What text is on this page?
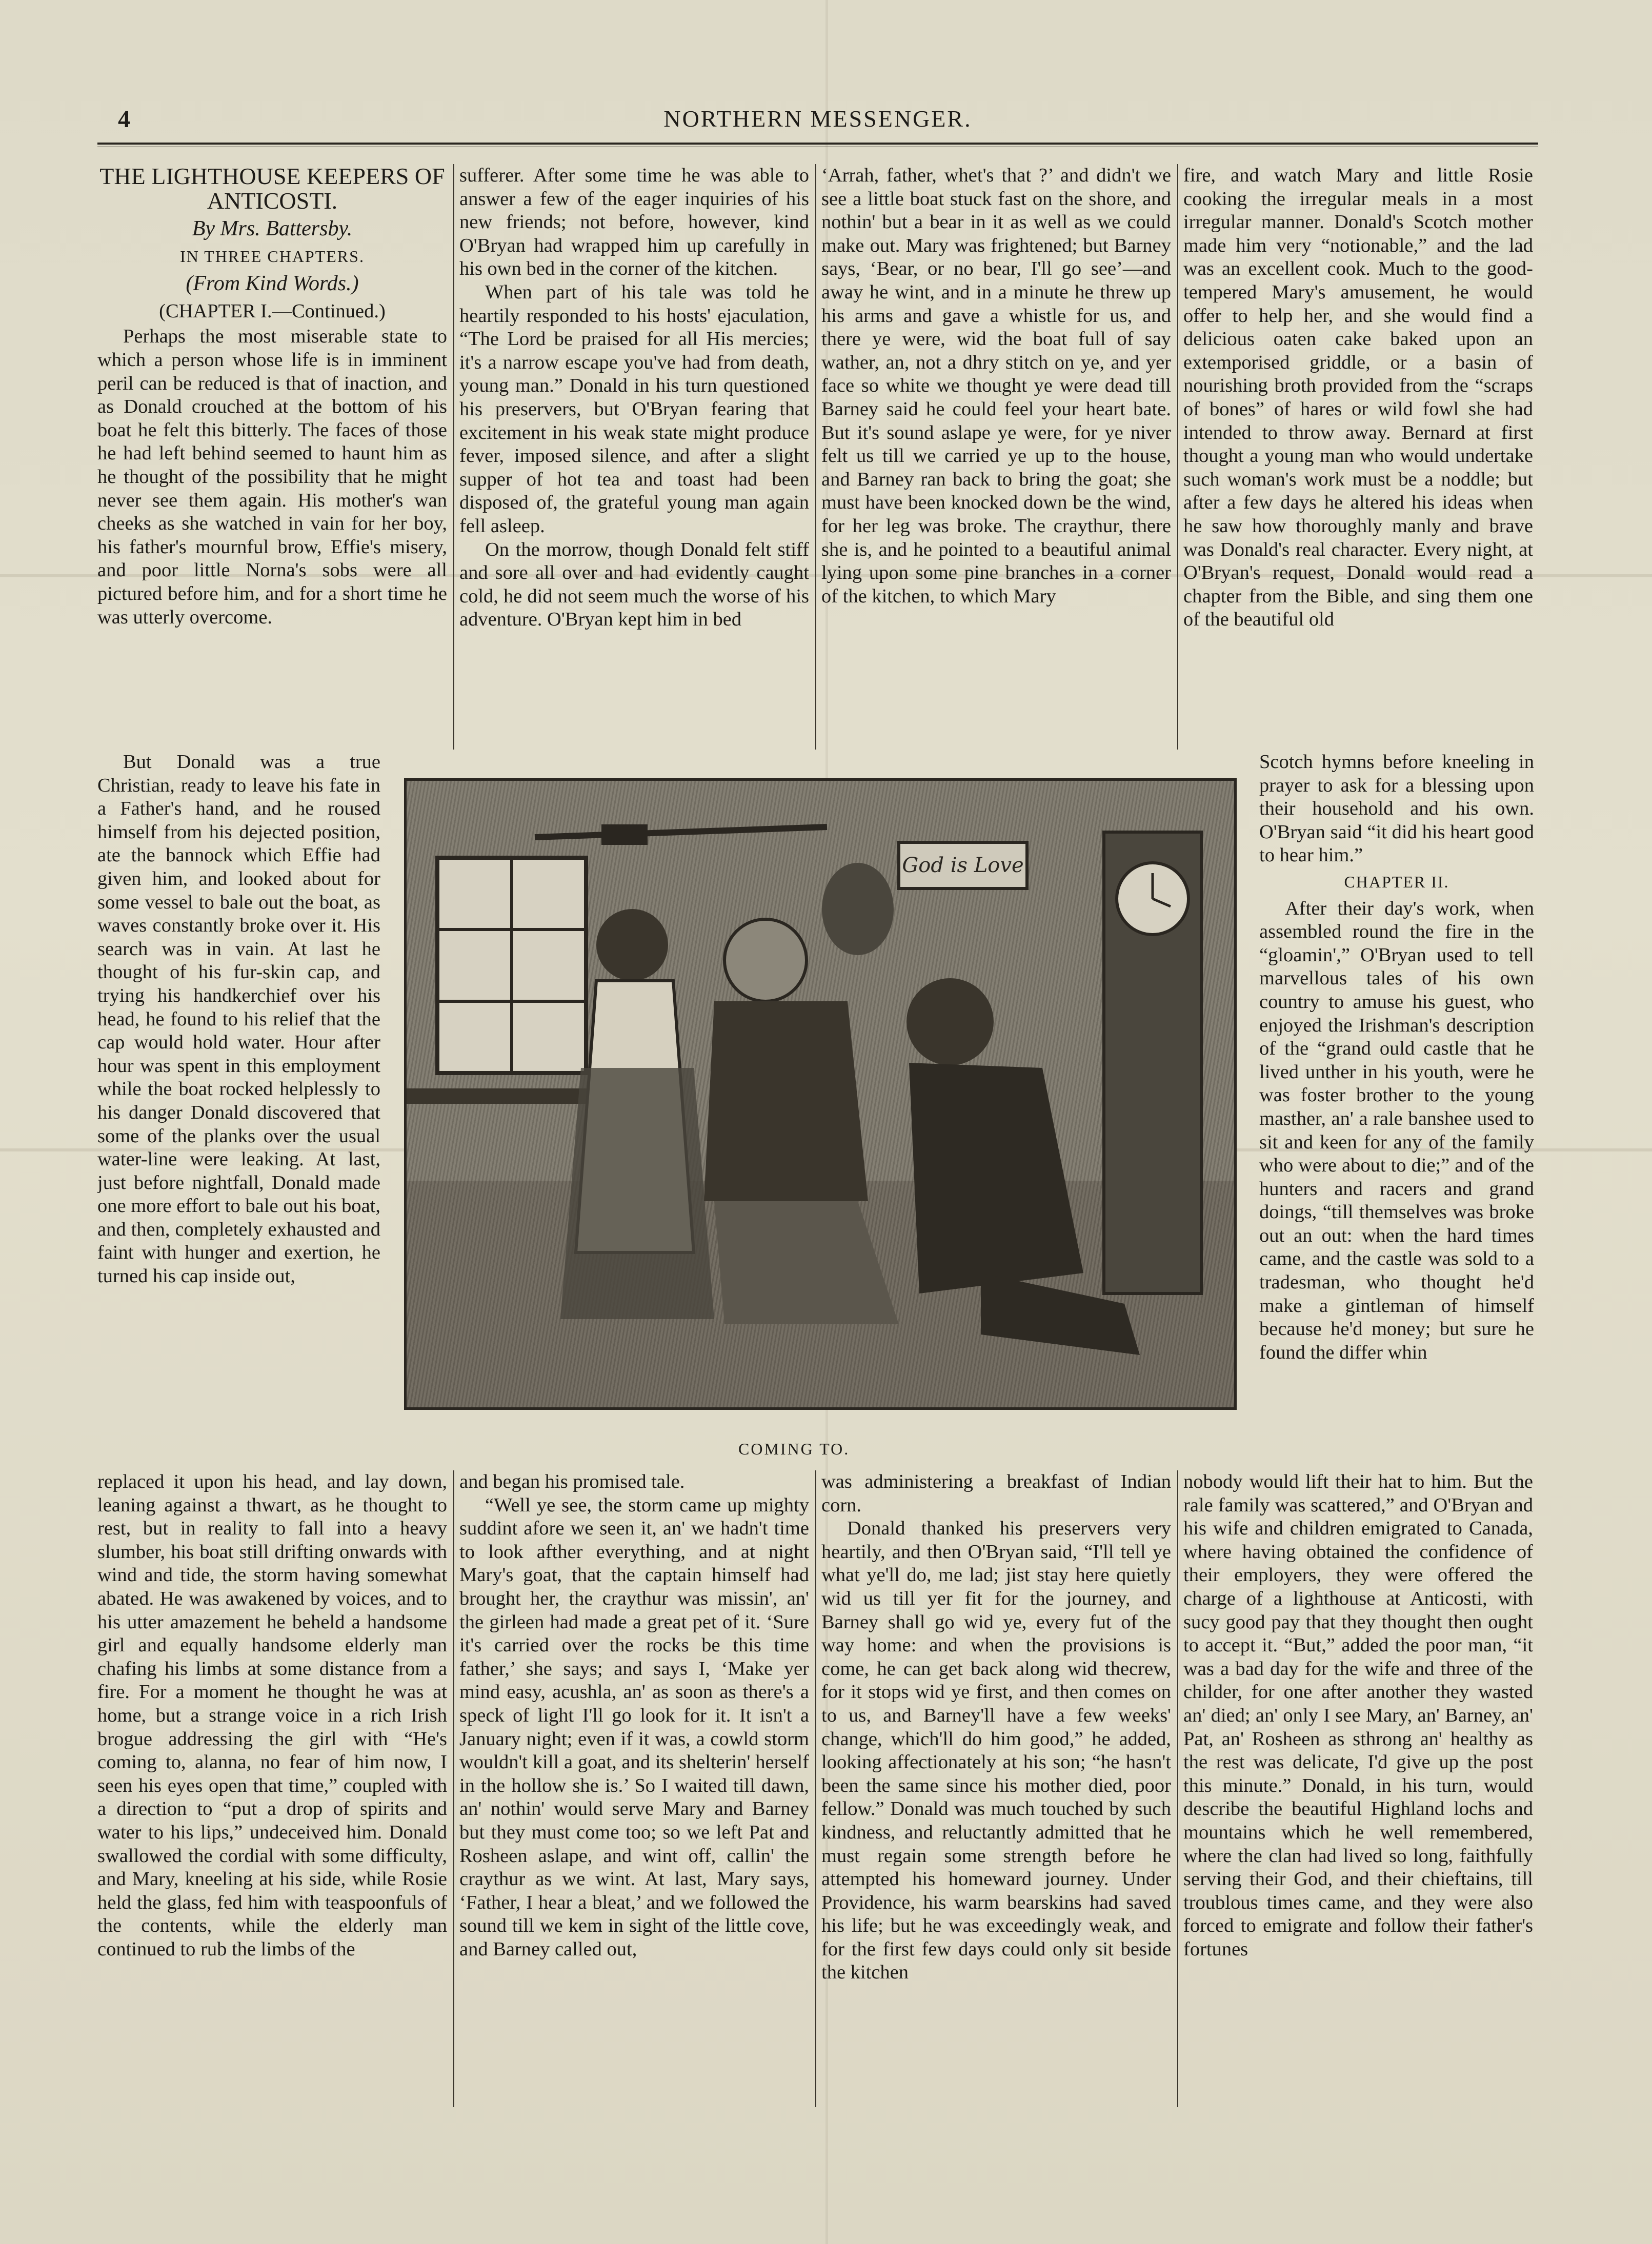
4	NORTHERN MESSENGER.

THE LIGHTHOUSE KEEPERS OF ANTICOSTI.

By Mrs. Battersby.

IN THREE CHAPTERS.

(From Kind Words.)

(CHAPTER I.—Continued.)

Perhaps the most miserable state to which a person whose life is in imminent peril can be reduced is that of inaction, and as Donald crouched at the bottom of his boat he felt this bitterly. The faces of those he had left behind seemed to haunt him as he thought of the possibility that he might never see them again. His mother's wan cheeks as she watched in vain for her boy, his father's mournful brow, Effie's misery, and poor little Norna's sobs were all pictured before him, and for a short time he was utterly overcome.

But Donald was a true Christian, ready to leave his fate in a Father's hand, and he roused himself from his dejected position, ate the bannock which Effie had given him, and looked about for some vessel to bale out the boat, as waves constantly broke over it. His search was in vain. At last he thought of his fur-skin cap, and trying his handkerchief over his head, he found to his relief that the cap would hold water. Hour after hour was spent in this employment while the boat rocked helplessly to his danger Donald discovered that some of the planks over the usual water-line were leaking. At last, just before nightfall, Donald made one more effort to bale out his boat, and then, completely exhausted and faint with hunger and exertion, he turned his cap inside out,

replaced it upon his head, and lay down, leaning against a thwart, as he thought to rest, but in reality to fall into a heavy slumber, his boat still drifting onwards with wind and tide, the storm having somewhat abated. He was awakened by voices, and to his utter amazement he beheld a handsome girl and equally handsome elderly man chafing his limbs at some distance from a fire. For a moment he thought he was at home, but a strange voice in a rich Irish brogue addressing the girl with “He's coming to, alanna, no fear of him now, I seen his eyes open that time,” coupled with a direction to “put a drop of spirits and water to his lips,” undeceived him. Donald swallowed the cordial with some difficulty, and Mary, kneeling at his side, while Rosie held the glass, fed him with teaspoonfuls of the contents, while the elderly man continued to rub the limbs of the

sufferer. After some time he was able to answer a few of the eager inquiries of his new friends; not before, however, kind O'Bryan had wrapped him up carefully in his own bed in the corner of the kitchen.

When part of his tale was told he heartily responded to his hosts' ejaculation, “The Lord be praised for all His mercies; it's a narrow escape you've had from death, young man.” Donald in his turn questioned his preservers, but O'Bryan fearing that excitement in his weak state might produce fever, imposed silence, and after a slight supper of hot tea and toast had been disposed of, the grateful young man again fell asleep.

On the morrow, though Donald felt stiff and sore all over and had evidently caught cold, he did not seem much the worse of his adventure. O'Bryan kept him in bed

‘Arrah, father, whet's that ?’ and didn't we see a little boat stuck fast on the shore, and nothin' but a bear in it as well as we could make out. Mary was frightened; but Barney says, ‘Bear, or no bear, I'll go see’—and away he wint, and in a minute he threw up his arms and gave a whistle for us, and there ye were, wid the boat full of say wather, an, not a dhry stitch on ye, and yer face so white we thought ye were dead till Barney said he could feel your heart bate. But it's sound aslape ye were, for ye niver felt us till we carried ye up to the house, and Barney ran back to bring the goat; she must have been knocked down be the wind, for her leg was broke. The craythur, there she is, and he pointed to a beautiful animal lying upon some pine branches in a corner of the kitchen, to which Mary

fire, and watch Mary and little Rosie cooking the irregular meals in a most irregular manner. Donald's Scotch mother made him very “notionable,” and the lad was an excellent cook. Much to the good-tempered Mary's amusement, he would offer to help her, and she would find a delicious oaten cake baked upon an extemporised griddle, or a basin of nourishing broth provided from the “scraps of bones” of hares or wild fowl she had intended to throw away. Bernard at first thought a young man who would undertake such woman's work must be a noddle; but after a few days he altered his ideas when he saw how thoroughly manly and brave was Donald's real character. Every night, at O'Bryan's request, Donald would read a chapter from the Bible, and sing them one of the beautiful old

Scotch hymns before kneeling in prayer to ask for a blessing upon their household and his own. O'Bryan said “it did his heart good to hear him.”

CHAPTER II.

After their day's work, when assembled round the fire in the “gloamin',” O'Bryan used to tell marvellous tales of his own country to amuse his guest, who enjoyed the Irishman's description of the “grand ould castle that he lived unther in his youth, were he was foster brother to the young masther, an' a rale banshee used to sit and keen for any of the family who were about to die;” and of the hunters and racers and grand doings, “till themselves was broke out an out: when the hard times came, and the castle was sold to a tradesman, who thought he'd make a gintleman of himself because he'd money; but sure he found the differ whin

nobody would lift their hat to him. But the rale family was scattered,” and O'Bryan and his wife and children emigrated to Canada, where having obtained the confidence of their employers, they were offered the charge of a lighthouse at Anticosti, with sucy good pay that they thought then ought to accept it. “But,” added the poor man, “it was a bad day for the wife and three of the childer, for one after another they wasted an' died; an' only I see Mary, an' Barney, an' Pat, an' Rosheen as sthrong an' healthy as the rest was delicate, I'd give up the post this minute.” Donald, in his turn, would describe the beautiful Highland lochs and mountains which he well remembered, where the clan had lived so long, faithfully serving their God, and their chieftains, till troublous times came, and they were also forced to emigrate and follow their father's fortunes

and began his promised tale.

“Well ye see, the storm came up mighty suddint afore we seen it, an' we hadn't time to look afther everything, and at night Mary's goat, that the captain himself had brought her, the craythur was missin', an' the girleen had made a great pet of it. ‘Sure it's carried over the rocks be this time father,’ she says; and says I, ‘Make yer mind easy, acushla, an' as soon as there's a speck of light I'll go look for it. It isn't a January night; even if it was, a cowld storm wouldn't kill a goat, and its shelterin' herself in the hollow she is.’ So I waited till dawn, an' nothin' would serve Mary and Barney but they must come too; so we left Pat and Rosheen aslape, and wint off, callin' the craythur as we wint. At last, Mary says, ‘Father, I hear a bleat,’ and we followed the sound till we kem in sight of the little cove, and Barney called out,

was administering a breakfast of Indian corn.

Donald thanked his preservers very heartily, and then O'Bryan said, “I'll tell ye what ye'll do, me lad; jist stay here quietly wid us till yer fit for the journey, and Barney shall go wid ye, every fut of the way home: and when the provisions is come, he can get back along wid thecrew, for it stops wid ye first, and then comes on to us, and Barney'll have a few weeks' change, which'll do him good,” he added, looking affectionately at his son; “he hasn't been the same since his mother died, poor fellow.” Donald was much touched by such kindness, and reluctantly admitted that he must regain some strength before he attempted his homeward journey. Under Providence, his warm bearskins had saved his life; but he was exceedingly weak, and for the first few days could only sit beside the kitchen

God is Love
COMING TO.
